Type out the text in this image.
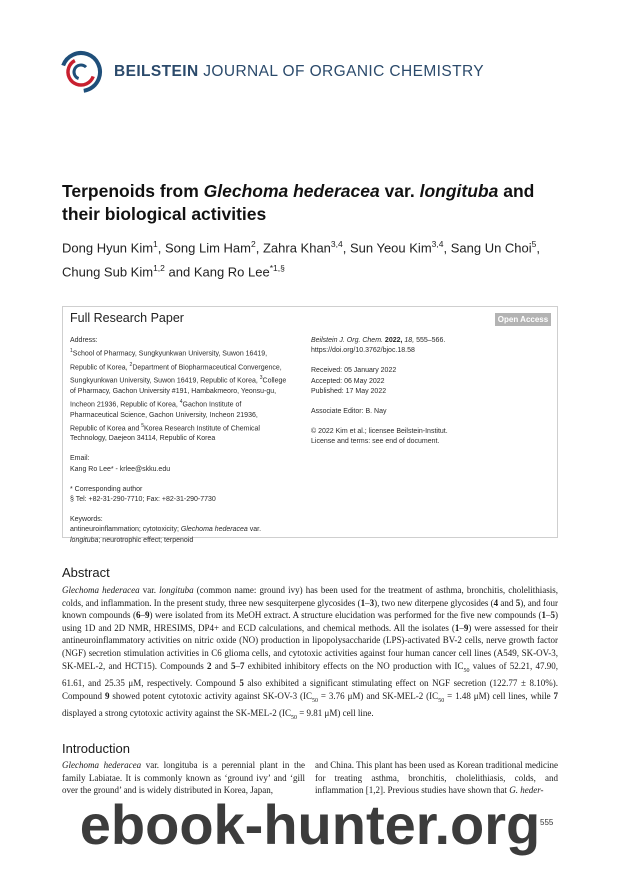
BEILSTEIN JOURNAL OF ORGANIC CHEMISTRY
Terpenoids from Glechoma hederacea var. longituba and their biological activities
Dong Hyun Kim$^1$, Song Lim Ham$^2$, Zahra Khan$^{3,4}$, Sun Yeou Kim$^{3,4}$, Sang Un Choi$^5$,
Chung Sub Kim$^{1,2}$ and Kang Ro Lee$^{*1,\S}$
Full Research Paper	Open Access
Address:
$^1$School of Pharmacy, Sungkyunkwan University, Suwon 16419,
Republic of Korea, $^2$Department of Biopharmaceutical Convergence,
Sungkyunkwan University, Suwon 16419, Republic of Korea, $^3$College
of Pharmacy, Gachon University #191, Hambakmeoro, Yeonsu-gu,
Incheon 21936, Republic of Korea, $^4$Gachon Institute of
Pharmaceutical Science, Gachon University, Incheon 21936,
Republic of Korea and $^5$Korea Research Institute of Chemical
Technology, Daejeon 34114, Republic of Korea

Email:
Kang Ro Lee* - krlee@skku.edu
* Corresponding author
§ Tel: +82-31-290-7710; Fax: +82-31-290-7730
Keywords:
antineuroinflammation; cytotoxicity; Glechoma hederacea var.
longituba; neurotrophic effect; terpenoid
Beilstein J. Org. Chem. 2022, 18, 555–566.
https://doi.org/10.3762/bjoc.18.58
Received: 05 January 2022
Accepted: 06 May 2022
Published: 17 May 2022
Associate Editor: B. Nay
© 2022 Kim et al.; licensee Beilstein-Institut.
License and terms: see end of document.
Abstract
Glechoma hederacea var. longituba (common name: ground ivy) has been used for the treatment of asthma, bronchitis, cholelithiasis, colds, and inflammation. In the present study, three new sesquiterpene glycosides (1–3), two new diterpene glycosides (4 and 5), and four known compounds (6–9) were isolated from its MeOH extract. A structure elucidation was performed for the five new compounds (1–5) using 1D and 2D NMR, HRESIMS, DP4+ and ECD calculations, and chemical methods. All the isolates (1–9) were assessed for their antineuroinflammatory activities on nitric oxide (NO) production in lipopolysaccharide (LPS)-activated BV-2 cells, nerve growth factor (NGF) secretion stimulation activities in C6 glioma cells, and cytotoxic activities against four human cancer cell lines (A549, SK-OV-3, SK-MEL-2, and HCT15). Compounds 2 and 5–7 exhibited inhibitory effects on the NO production with $IC_{50}$ values of 52.21, 47.90, 61.61, and 25.35 μM, respectively. Compound 5 also exhibited a significant stimulating effect on NGF secretion (122.77 ± 8.10%). Compound 9 showed potent cytotoxic activity against SK-OV-3 ($IC_{50} = 3.76$ μM) and SK-MEL-2 ($IC_{50} = 1.48$ μM) cell lines, while 7 displayed a strong cytotoxic activity against the SK-MEL-2 ($IC_{50} = 9.81$ μM) cell line.
Introduction
Glechoma hederacea var. longituba is a perennial plant in the family Labiatae. It is commonly known as ‘ground ivy’ and ‘gill over the ground’ and is widely distributed in Korea, Japan,
and China. This plant has been used as Korean traditional medicine for treating asthma, bronchitis, cholelithiasis, colds, and inflammation [1,2]. Previous studies have shown that G. heder-
555
ebook-hunter.org
